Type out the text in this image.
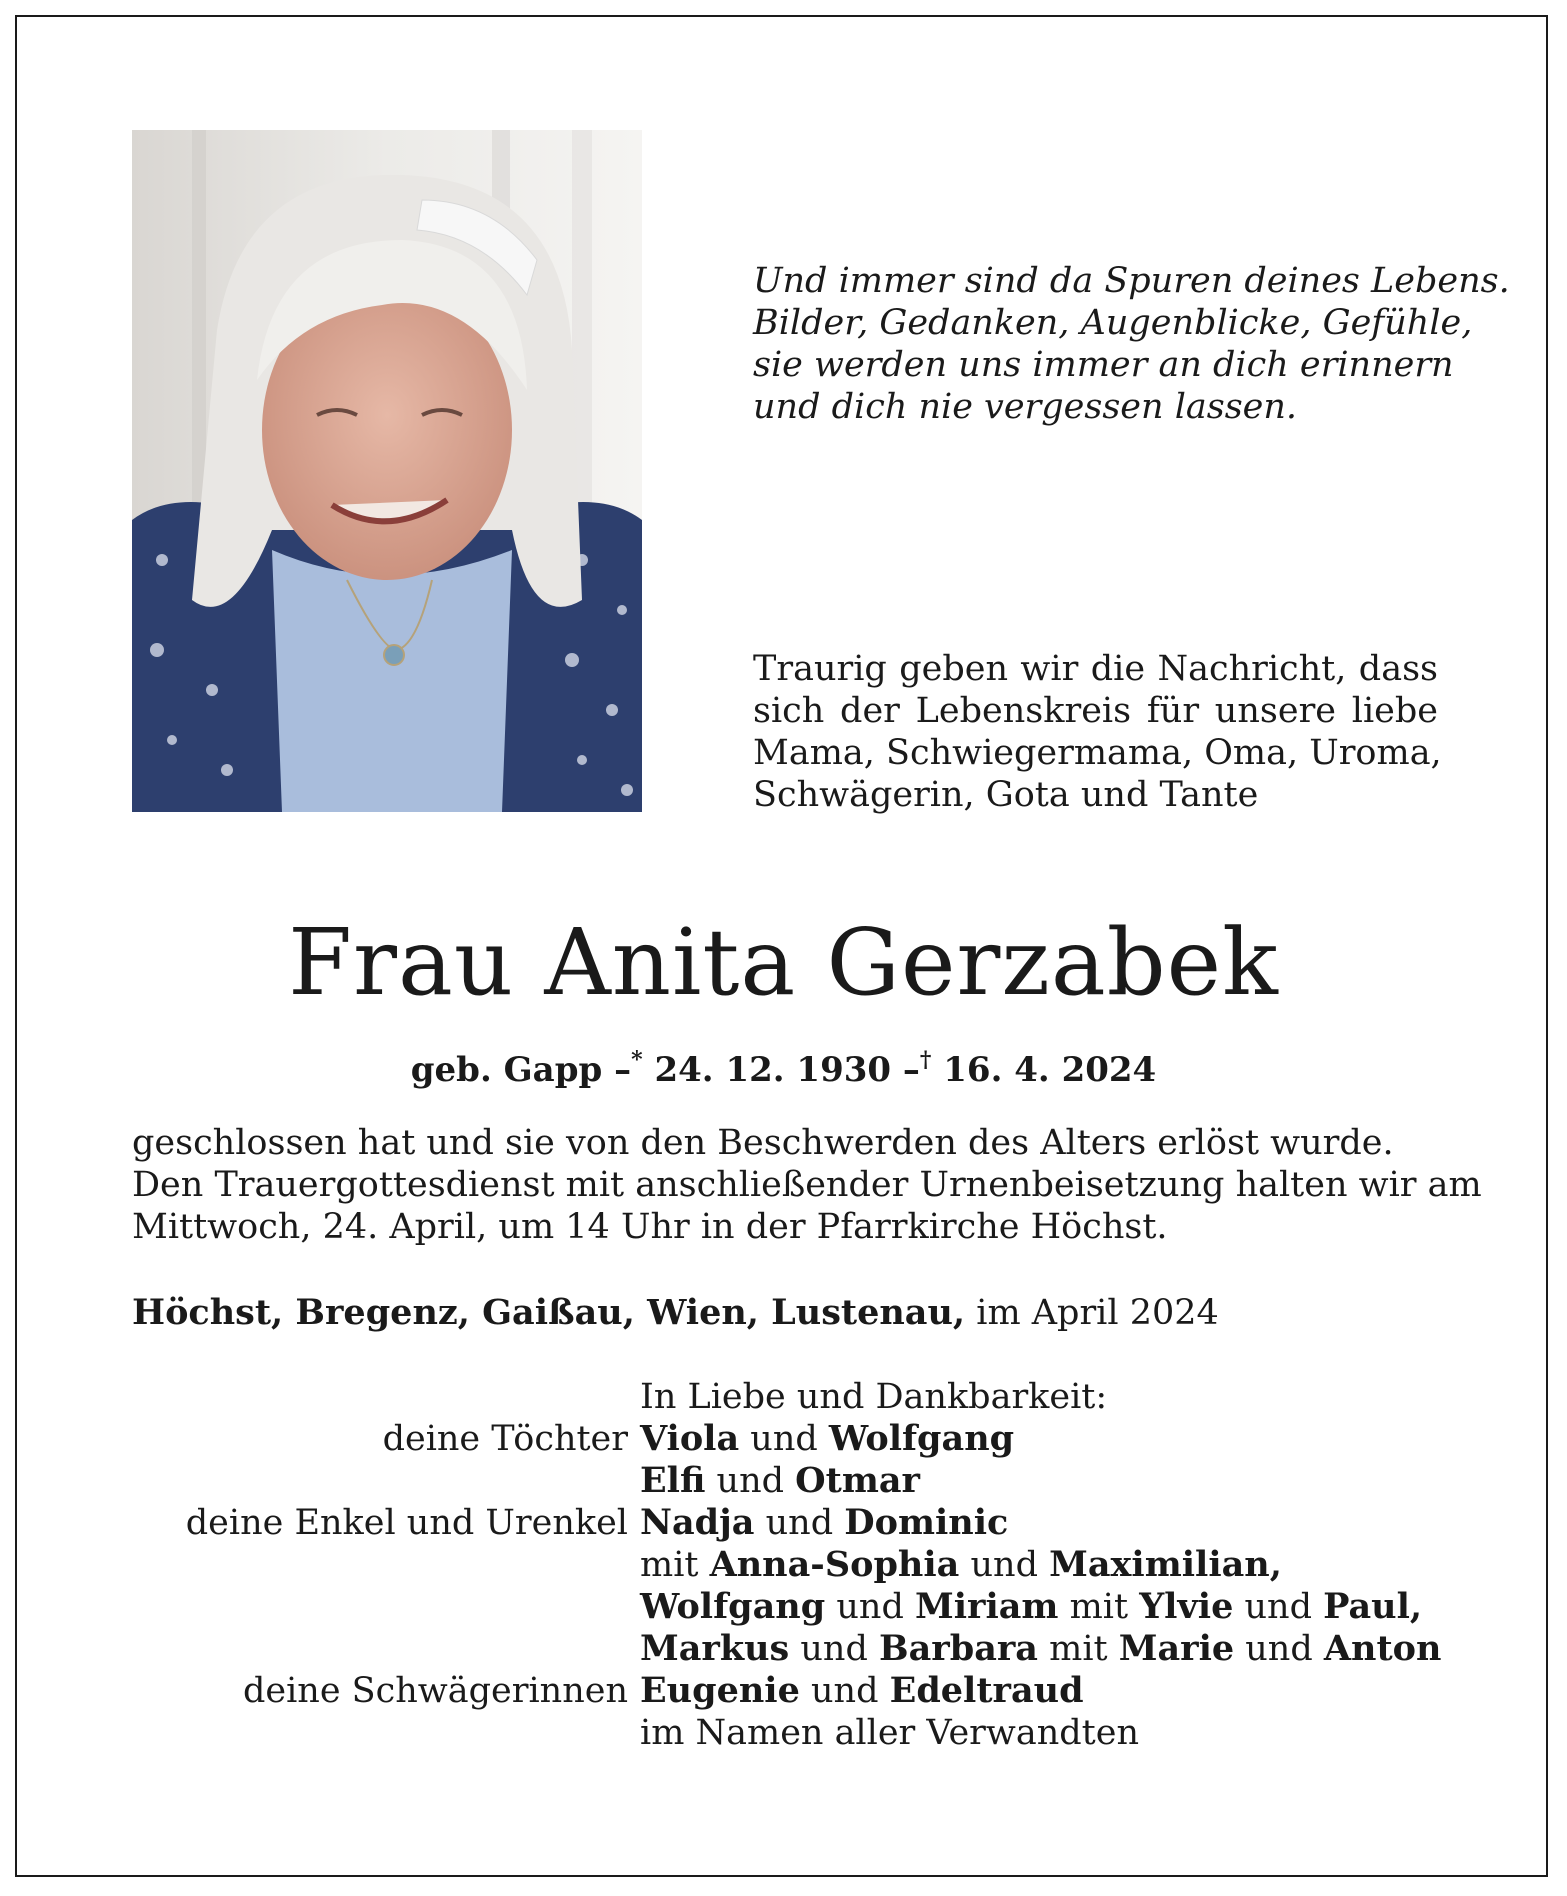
Und immer sind da Spuren deines Lebens.
Bilder, Gedanken, Augenblicke, Gefühle,
sie werden uns immer an dich erinnern
und dich nie vergessen lassen.
Traurig geben wir die Nachricht, dass
sich der Lebenskreis für unsere liebe
Mama, Schwiegermama, Oma, Uroma,
Schwägerin, Gota und Tante
Frau Anita Gerzabek
geb. Gapp –* 24. 12. 1930 –† 16. 4. 2024
geschlossen hat und sie von den Beschwerden des Alters erlöst wurde.
Den Trauergottesdienst mit anschließender Urnenbeisetzung halten wir am
Mittwoch, 24. April, um 14 Uhr in der Pfarrkirche Höchst.
Höchst, Bregenz, Gaißau, Wien, Lustenau, im April 2024
In Liebe und Dankbarkeit:
deine Töchter Viola und Wolfgang
Elfi und Otmar
deine Enkel und Urenkel Nadja und Dominic
mit Anna-Sophia und Maximilian,
Wolfgang und Miriam mit Ylvie und Paul,
Markus und Barbara mit Marie und Anton
deine Schwägerinnen Eugenie und Edeltraud
im Namen aller Verwandten
